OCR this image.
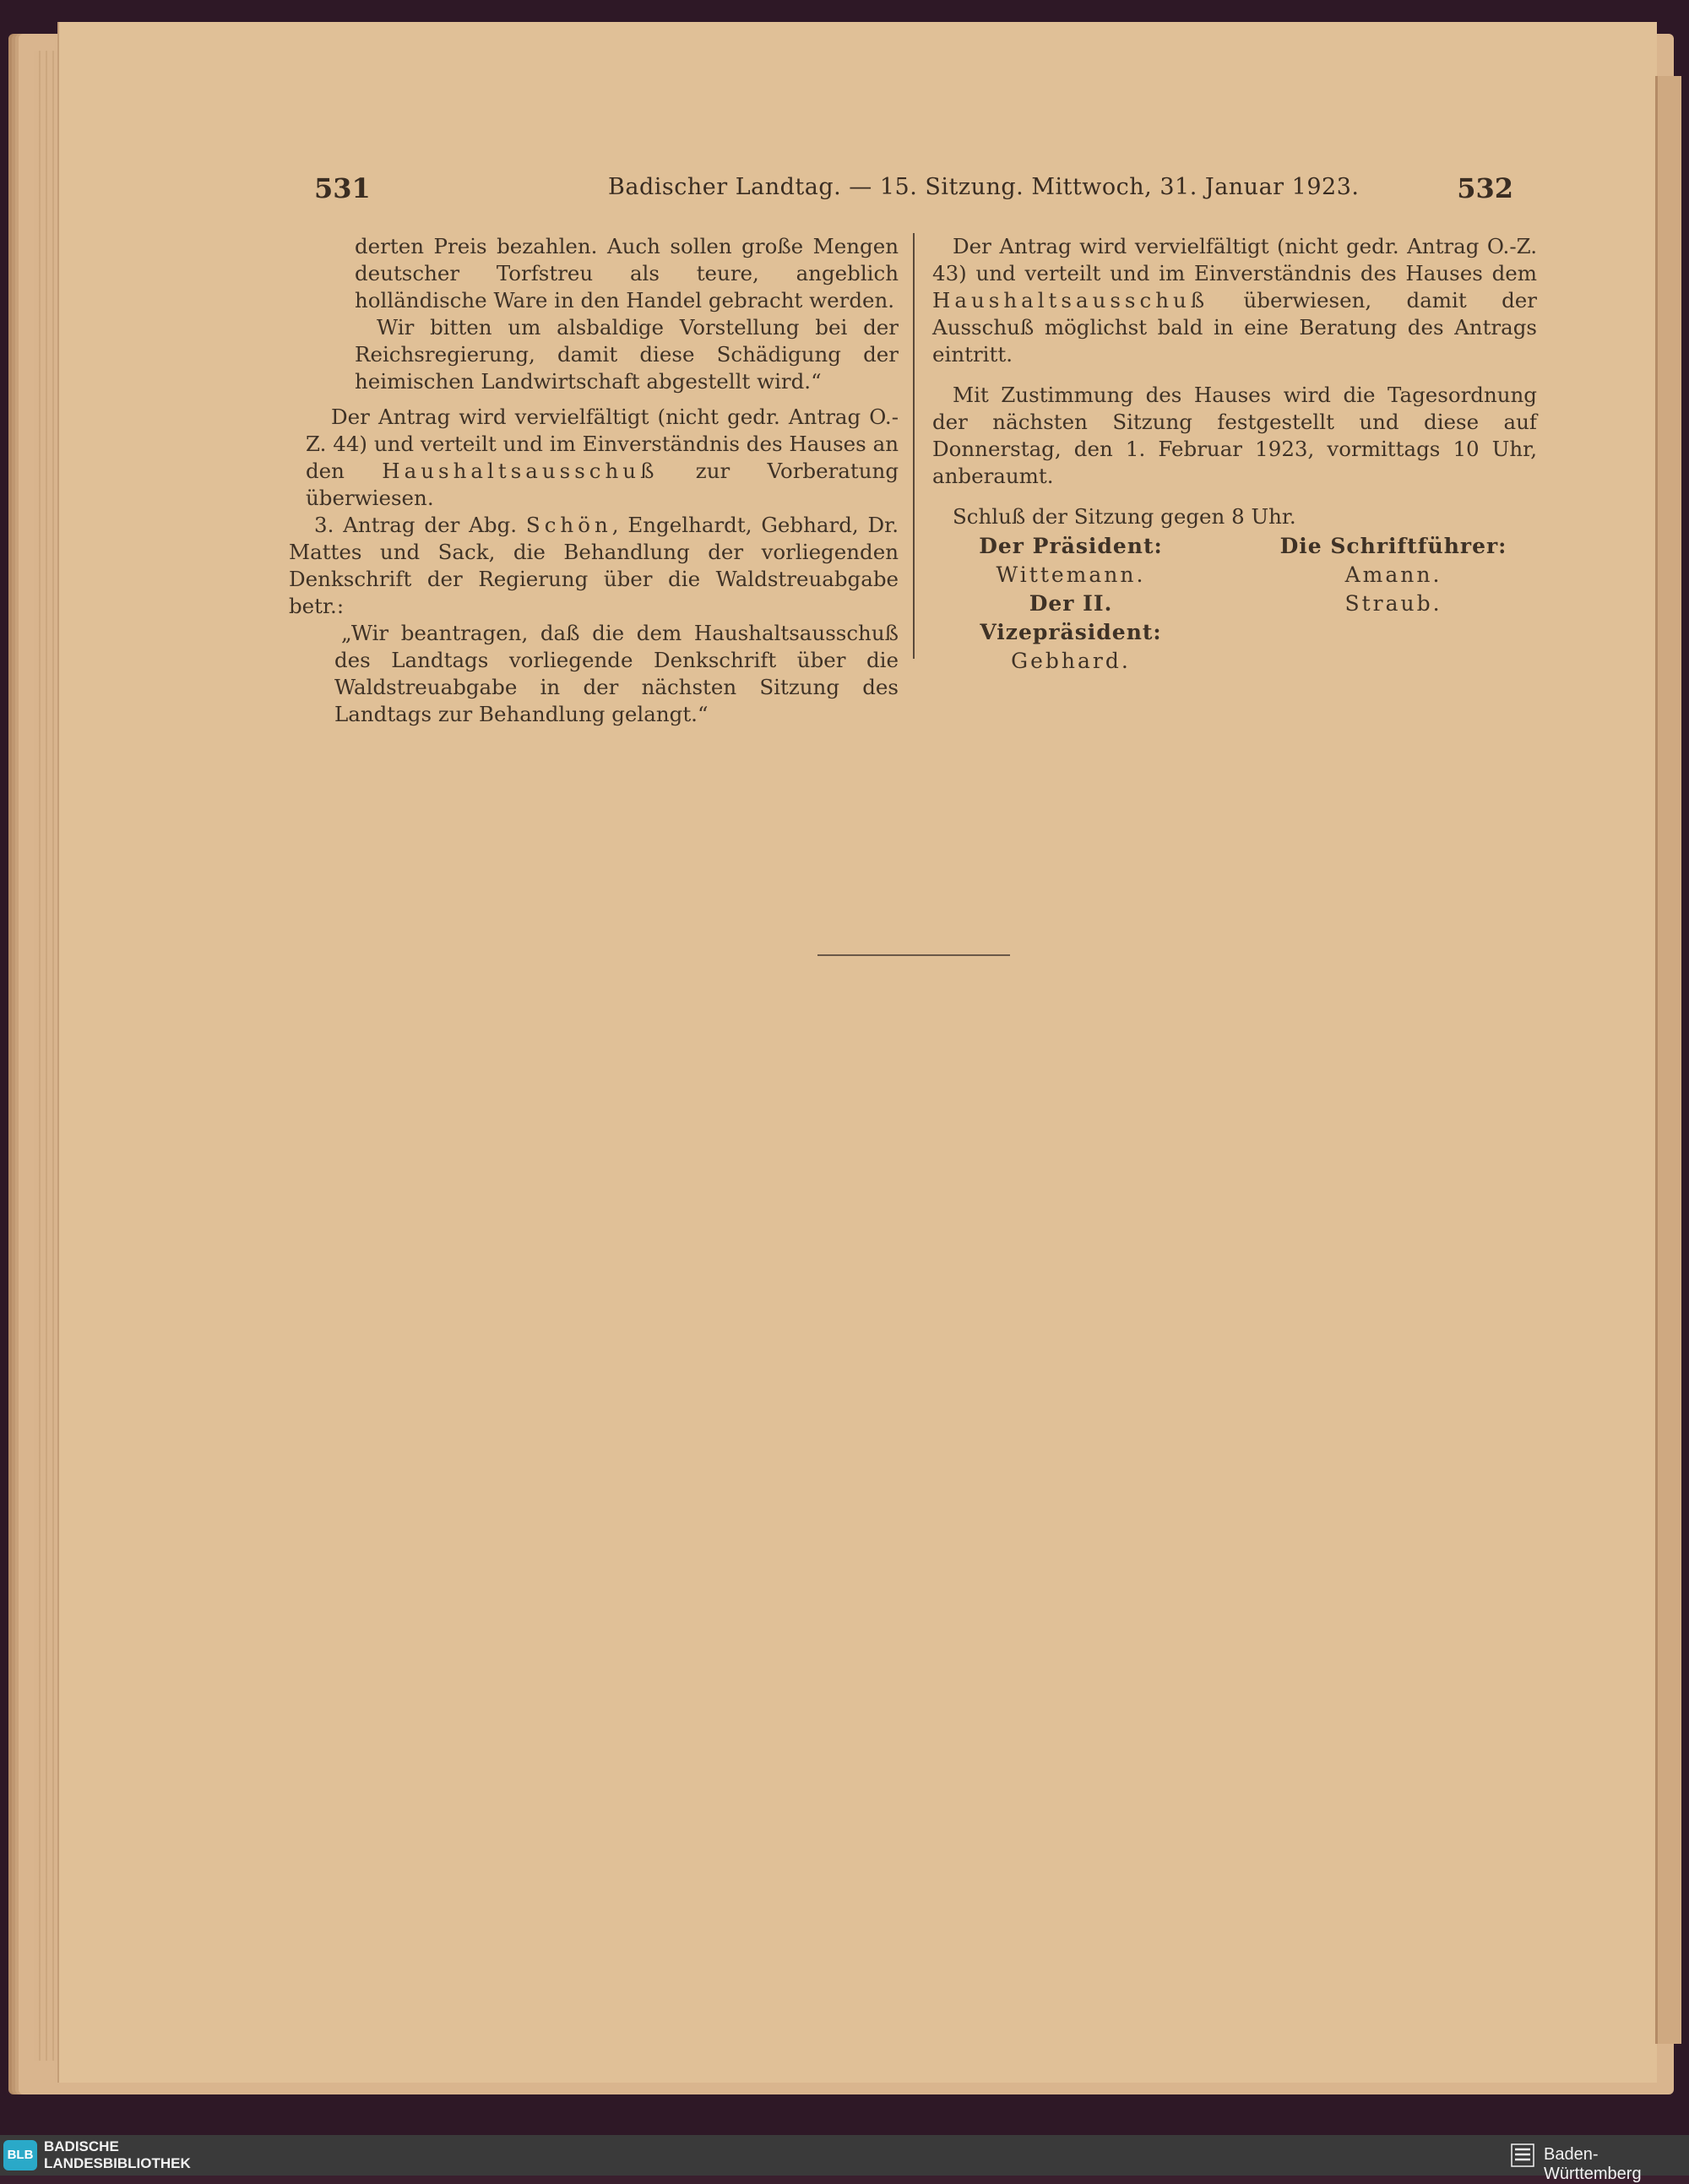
531	Badischer Landtag. — 15. Sitzung. Mittwoch, 31. Januar 1923.	532

derten Preis bezahlen. Auch sollen große Mengen deutscher Torfstreu als teure, angeblich holländische Ware in den Handel gebracht werden.

Wir bitten um alsbaldige Vorstellung bei der Reichsregierung, damit diese Schädigung der heimischen Landwirtschaft abgestellt wird.“

Der Antrag wird vervielfältigt (nicht gedr. Antrag O.-Z. 44) und verteilt und im Einverständnis des Hauses an den Haushaltsausschuß zur Vorberatung überwiesen.

3. Antrag der Abg. Schön, Engelhardt, Gebhard, Dr. Mattes und Sack, die Behandlung der vorliegenden Denkschrift der Regierung über die Waldstreuabgabe betr.:

„Wir beantragen, daß die dem Haushaltsausschuß des Landtags vorliegende Denkschrift über die Waldstreuabgabe in der nächsten Sitzung des Landtags zur Behandlung gelangt.“

Der Antrag wird vervielfältigt (nicht gedr. Antrag O.-Z. 43) und verteilt und im Einverständnis des Hauses dem Haushaltsausschuß überwiesen, damit der Ausschuß möglichst bald in eine Beratung des Antrags eintritt.

Mit Zustimmung des Hauses wird die Tagesordnung der nächsten Sitzung festgestellt und diese auf Donnerstag, den 1. Februar 1923, vormittags 10 Uhr, anberaumt.

Schluß der Sitzung gegen 8 Uhr.

Der Präsident:
Wittemann.
Der II. Vizepräsident:
Gebhard.
Die Schriftführer:
Amann.
Straub.
BLB
BADISCHE
LANDESBIBLIOTHEK	Baden-Württemberg
